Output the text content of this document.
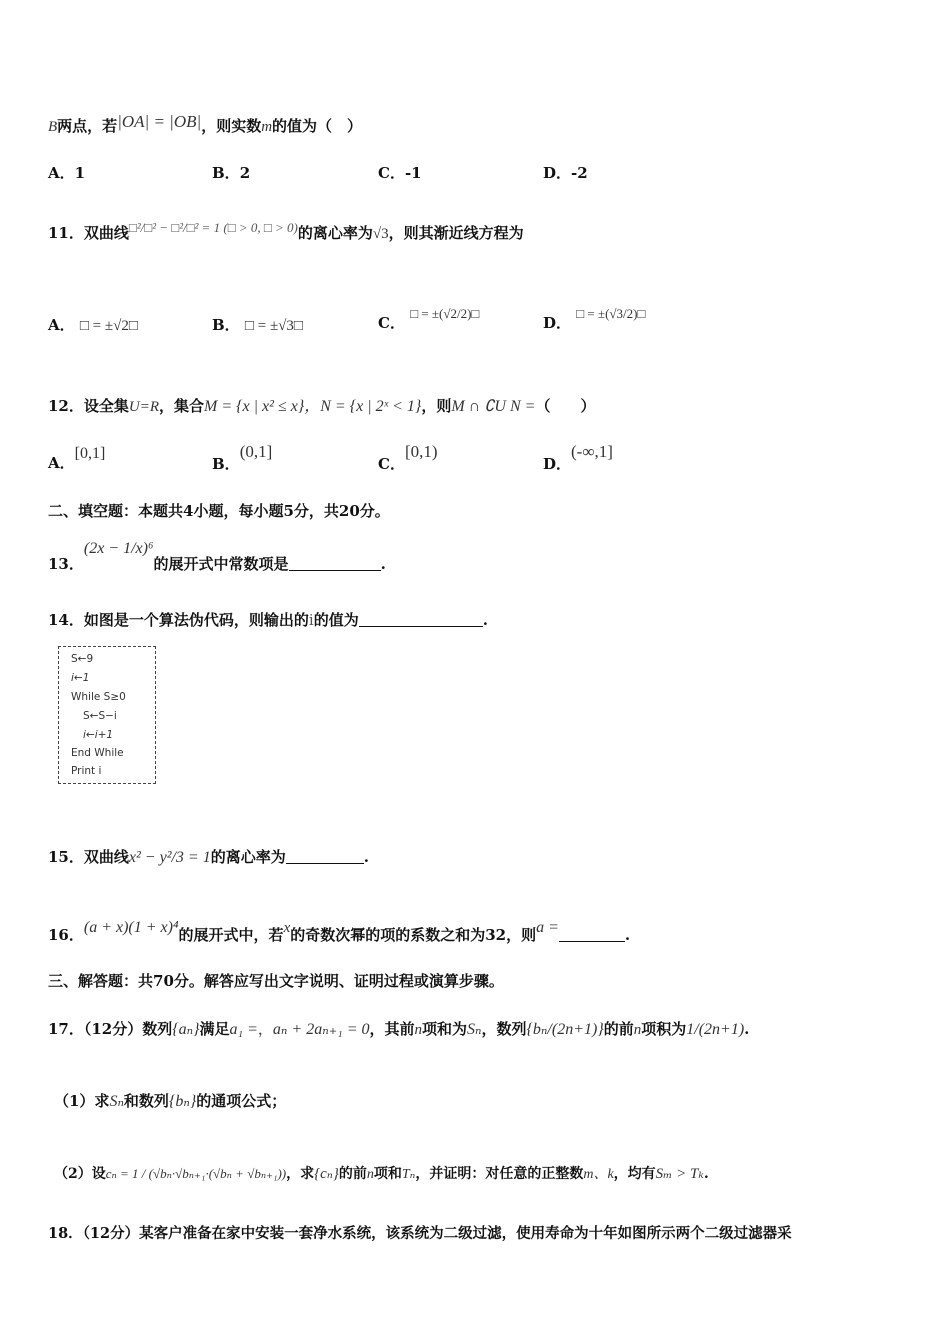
B两点，若|OA| = |OB|，则实数m的值为（　）
A．1	B．2	C．-1	D．-2
11．双曲线□²/□² − □²/□² = 1 (□ > 0, □ > 0)的离心率为√3，则其渐近线方程为
A． □ = ±√2□	B． □ = ±√3□	C． □ = ±(√2/2)□
D． □ = ±(√3/2)□
12．设全集U=R，集合M = {x | x² ≤ x}，N = {x | 2ˣ < 1}，则M ∩ ∁U N =（　　）
A．[0,1]
B．(0,1]
C．[0,1)
D．(-∞,1]
二、填空题：本题共4小题，每小题5分，共20分。
13．(2x − 1/x)⁶的展开式中常数项是	.
14．如图是一个算法伪代码，则输出的i的值为	.
S←9
i←1
While S≥0
S←S−i
i←i+1
End While
Print i
15．双曲线x² − y²/3 = 1的离心率为	.
16．(a + x)(1 + x)⁴的展开式中，若x的奇数次幂的项的系数之和为32，则a =	.
三、解答题：共70分。解答应写出文字说明、证明过程或演算步骤。
17．（12分）数列{aₙ}满足a₁ =，aₙ + 2aₙ₊₁ = 0，其前n项和为Sₙ，数列{bₙ/(2n+1)}的前n项积为1/(2n+1).
（1）求Sₙ和数列{bₙ}的通项公式；
（2）设cₙ = 1 / (√bₙ·√bₙ₊₁·(√bₙ + √bₙ₊₁))，求{cₙ}的前n项和Tₙ，并证明：对任意的正整数m、k，均有Sₘ > Tₖ.
18．（12分）某客户准备在家中安装一套净水系统，该系统为二级过滤，使用寿命为十年如图所示两个二级过滤器采
